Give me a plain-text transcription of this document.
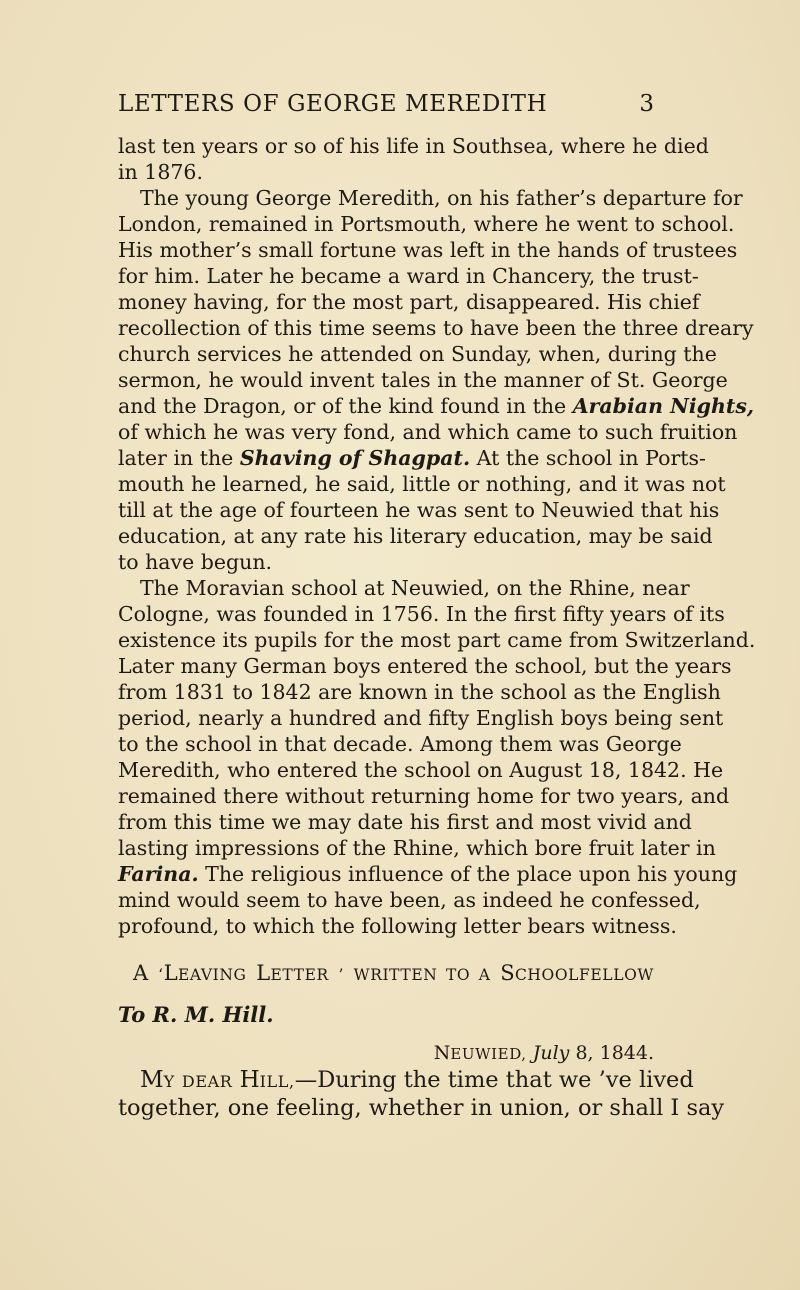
LETTERS OF GEORGE MEREDITH	3
last ten years or so of his life in Southsea, where he died
in 1876.
The young George Meredith, on his father’s departure for
London, remained in Portsmouth, where he went to school.
His mother’s small fortune was left in the hands of trustees
for him. Later he became a ward in Chancery, the trust-
money having, for the most part, disappeared. His chief
recollection of this time seems to have been the three dreary
church services he attended on Sunday, when, during the
sermon, he would invent tales in the manner of St. George
and the Dragon, or of the kind found in the Arabian Nights,
of which he was very fond, and which came to such fruition
later in the Shaving of Shagpat. At the school in Ports-
mouth he learned, he said, little or nothing, and it was not
till at the age of fourteen he was sent to Neuwied that his
education, at any rate his literary education, may be said
to have begun.
The Moravian school at Neuwied, on the Rhine, near
Cologne, was founded in 1756. In the first fifty years of its
existence its pupils for the most part came from Switzerland.
Later many German boys entered the school, but the years
from 1831 to 1842 are known in the school as the English
period, nearly a hundred and fifty English boys being sent
to the school in that decade. Among them was George
Meredith, who entered the school on August 18, 1842. He
remained there without returning home for two years, and
from this time we may date his first and most vivid and
lasting impressions of the Rhine, which bore fruit later in
Farina. The religious influence of the place upon his young
mind would seem to have been, as indeed he confessed,
profound, to which the following letter bears witness.
A ‘LEAVING LETTER ’ WRITTEN TO A SCHOOLFELLOW
To R. M. Hill.
NEUWIED, July 8, 1844.
MY DEAR HILL,—During the time that we ’ve lived
together, one feeling, whether in union, or shall I say
